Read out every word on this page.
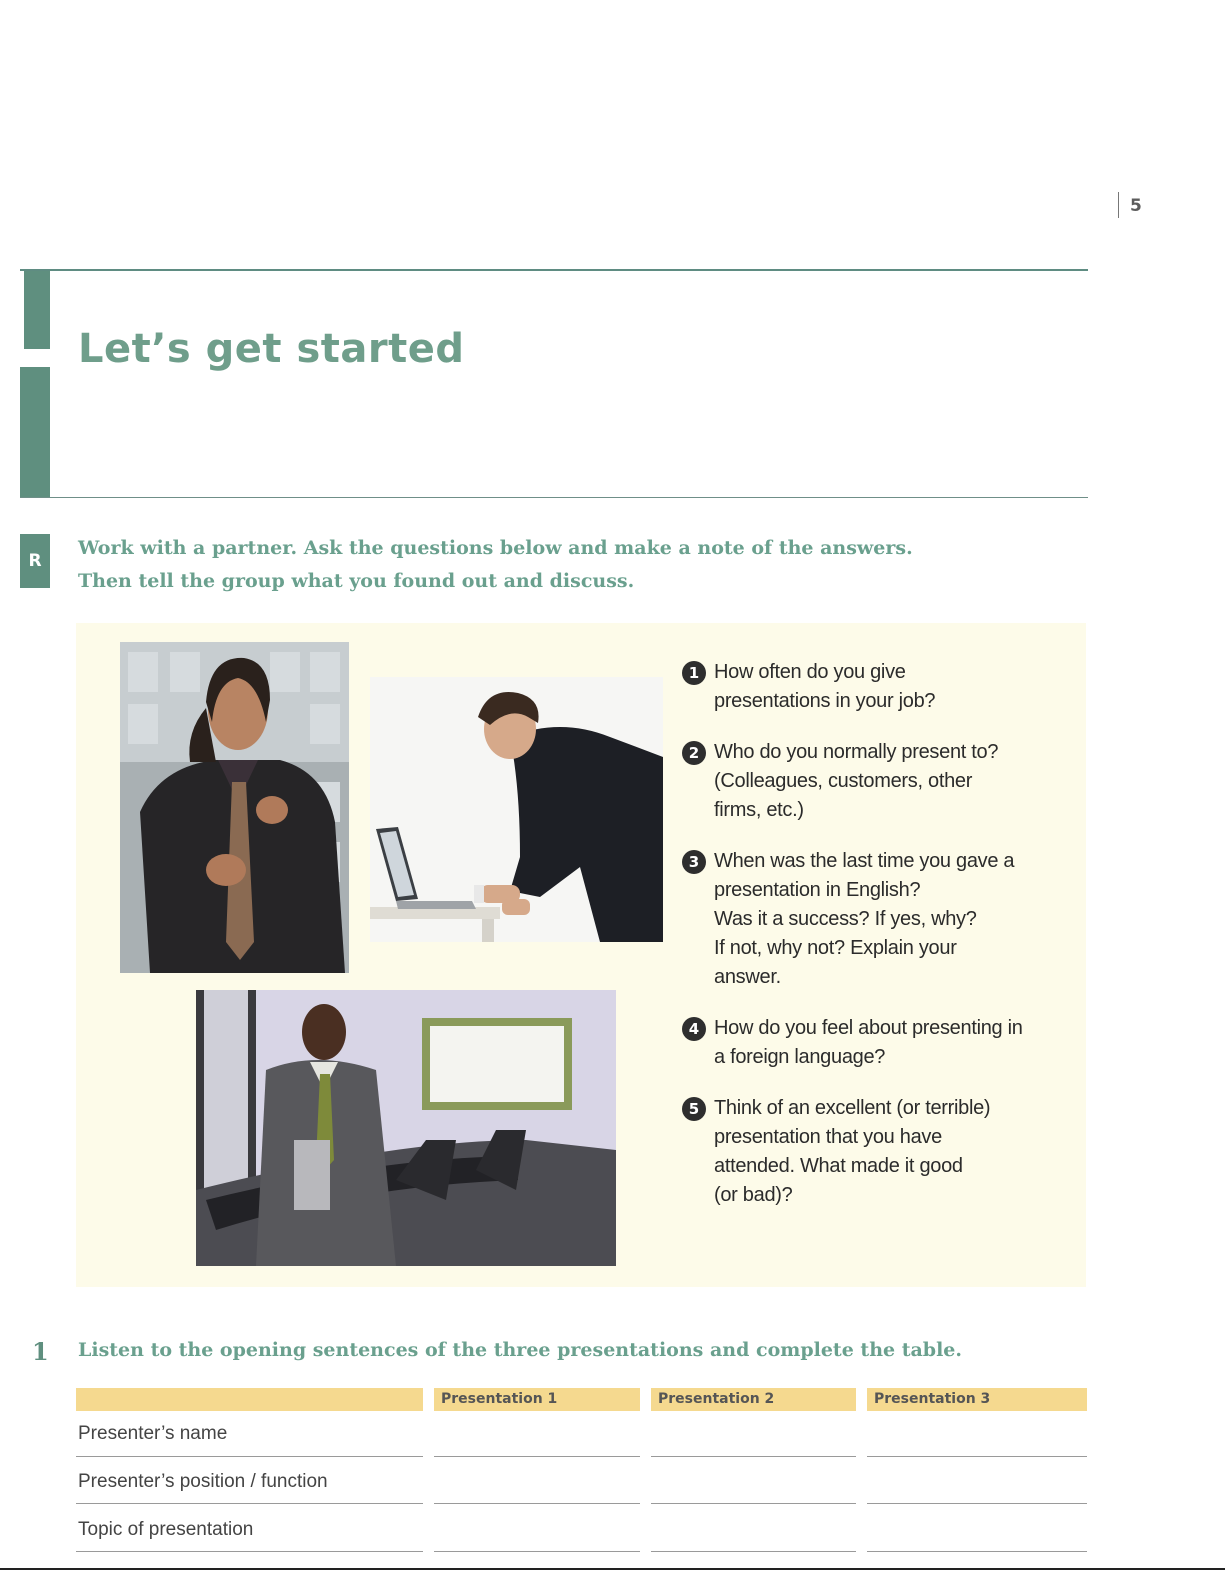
5
Let’s get started
R
Work with a partner. Ask the questions below and make a note of the answers.
Then tell the group what you found out and discuss.
1 How often do you give
presentations in your job?
2 Who do you normally present to?
(Colleagues, customers, other
firms, etc.)
3 When was the last time you gave a
presentation in English?
Was it a success? If yes, why?
If not, why not? Explain your
answer.
4 How do you feel about presenting in
a foreign language?
5 Think of an excellent (or terrible)
presentation that you have
attended. What made it good
(or bad)?
1 Listen to the opening sentences of the three presentations and complete the table.
Presentation 1	Presentation 2	Presentation 3
Presenter’s name
Presenter’s position / function
Topic of presentation
